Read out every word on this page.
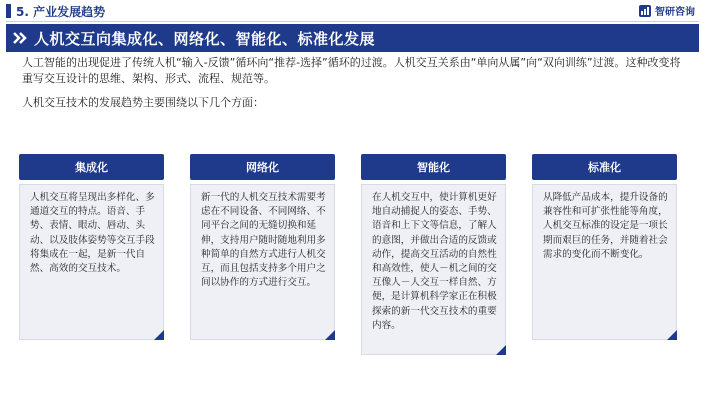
5. 产业发展趋势	智研咨询
人机交互向集成化、网络化、智能化、标准化发展
人工智能的出现促进了传统人机“输入-反馈”循环向“推荐-选择”循环的过渡。人机交互关系由“单向从属”向“双向训练”过渡。这种改变将重写交互设计的思维、架构、形式、流程、规范等。
人机交互技术的发展趋势主要围绕以下几个方面：
集成化
人机交互将呈现出多样化、多通道交互的特点。语音、手势、表情、眼动、唇动、头动、以及肢体姿势等交互手段将集成在一起，是新一代自然、高效的交互技术。
网络化
新一代的人机交互技术需要考虑在不同设备、不同网络、不同平台之间的无缝切换和延伸，支持用户随时随地利用多种简单的自然方式进行人机交互，而且包括支持多个用户之间以协作的方式进行交互。
智能化
在人机交互中，使计算机更好地自动捕捉人的姿态、手势、语音和上下文等信息，了解人的意图，并做出合适的反馈或动作，提高交互活动的自然性和高效性，使人－机之间的交互像人－人交互一样自然、方便，是计算机科学家正在积极探索的新一代交互技术的重要内容。
标准化
从降低产品成本，提升设备的兼容性和可扩张性能等角度，人机交互标准的设定是一项长期而艰巨的任务，并随着社会需求的变化而不断变化。
